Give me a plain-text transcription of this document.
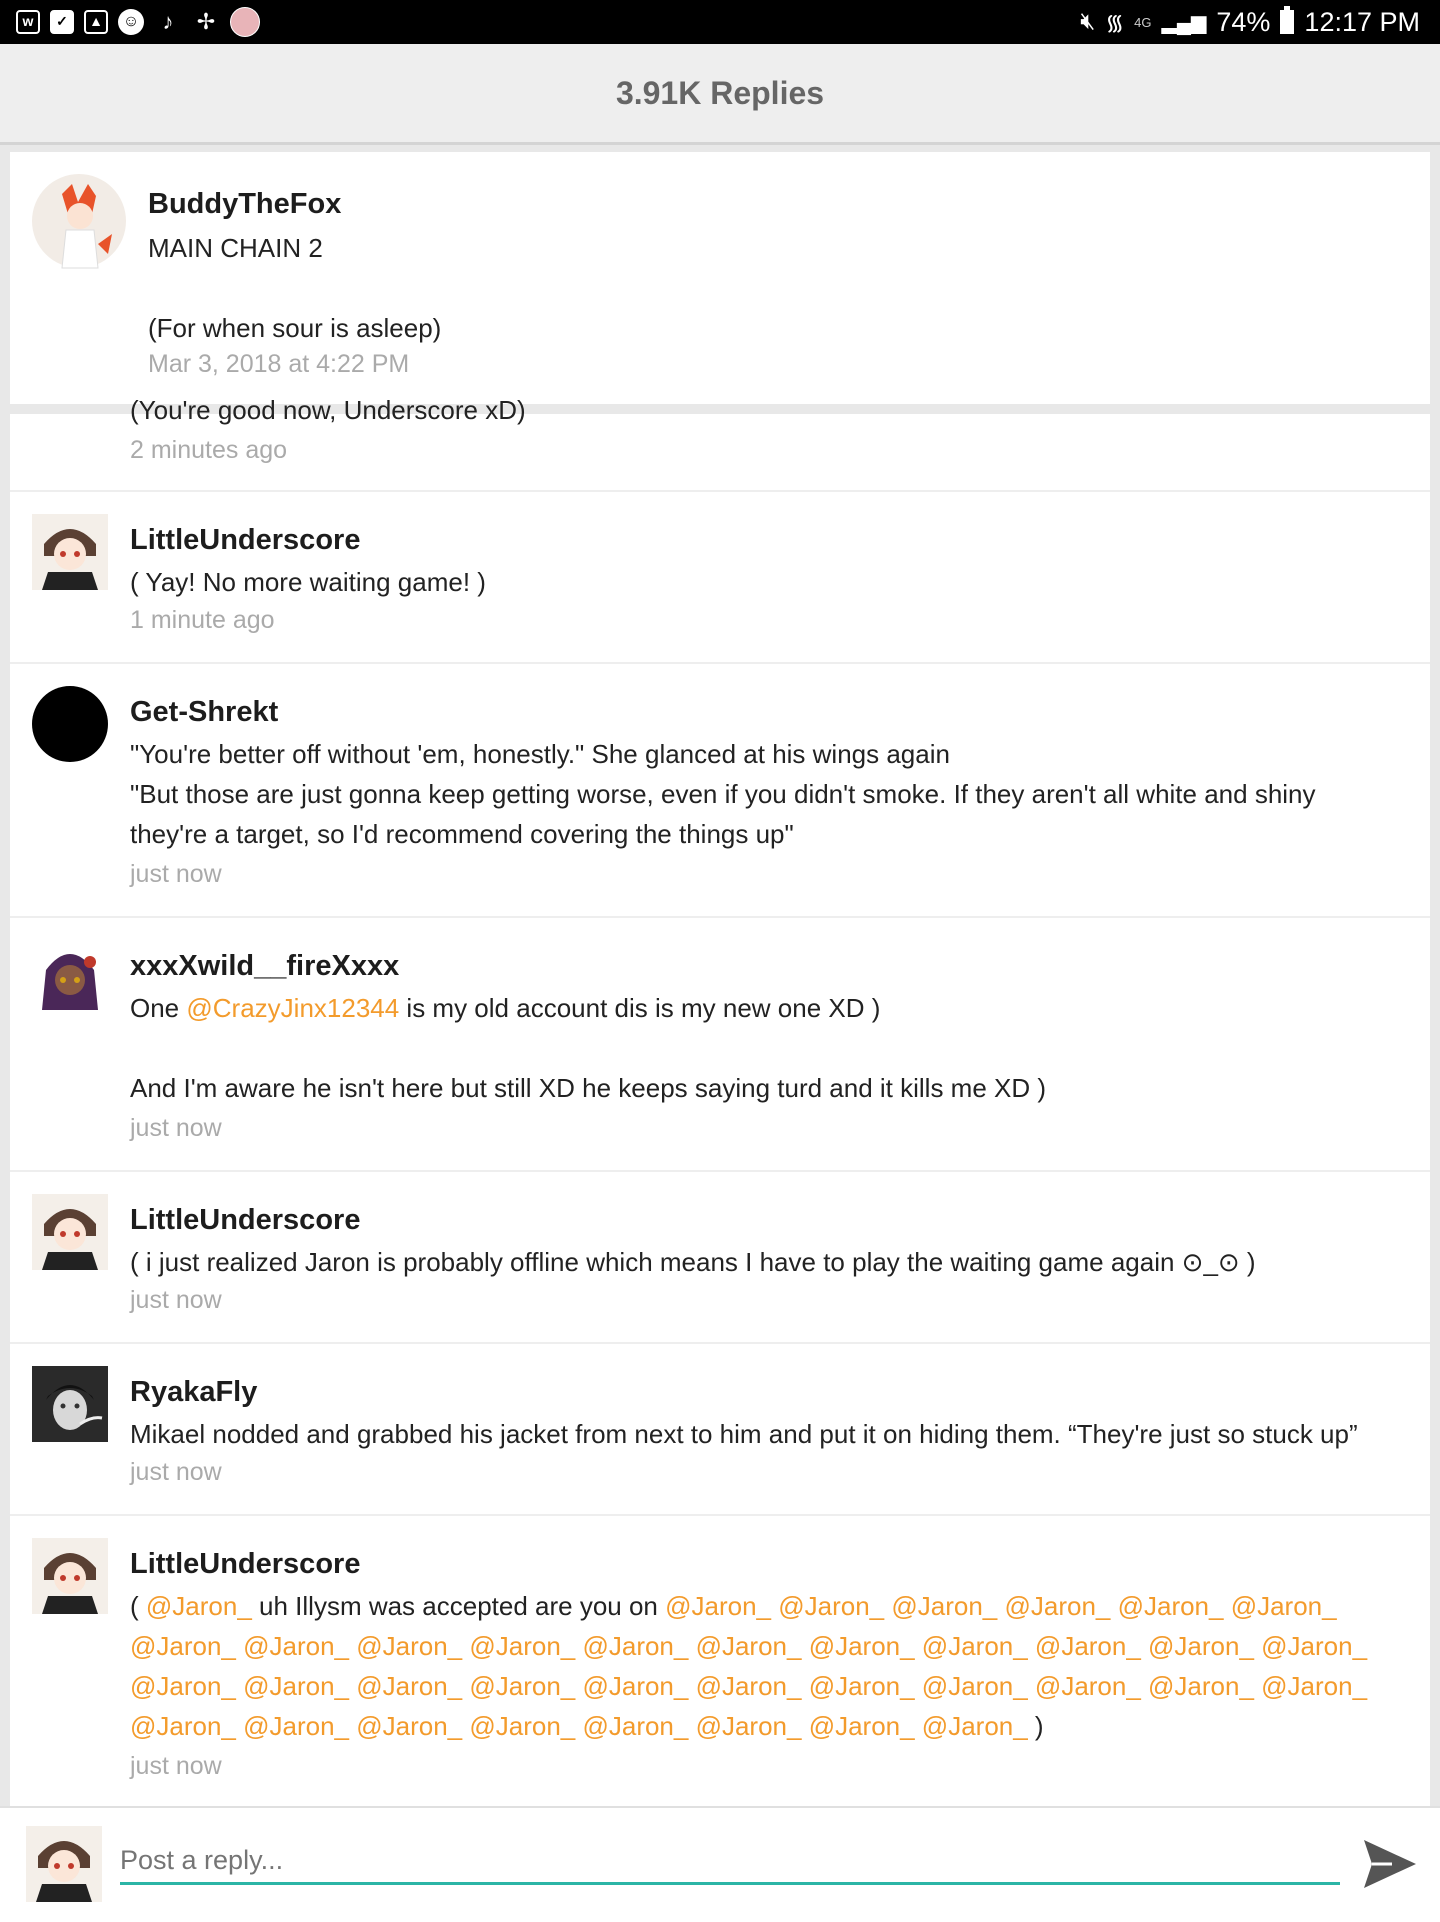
w	✓	▲	☺	♪	✢	🔇︎ ᯾ 4G ▂▄▆ 74% 12:17 PM
3.91K Replies
BuddyTheFox
MAIN CHAIN 2
(For when sour is asleep)
Mar 3, 2018 at 4:22 PM
(You're good now, Underscore xD)
2 minutes ago
LittleUnderscore
( Yay! No more waiting game! )
1 minute ago
Get-Shrekt
"You're better off without 'em, honestly." She glanced at his wings again
"But those are just gonna keep getting worse, even if you didn't smoke. If they aren't all white and shiny
they're a target, so I'd recommend covering the things up"
just now
xxxXwild__fireXxxx
One @CrazyJinx12344 is my old account dis is my new one XD )
And I'm aware he isn't here but still XD he keeps saying turd and it kills me XD )
just now
LittleUnderscore
( i just realized Jaron is probably offline which means I have to play the waiting game again ⊙_⊙ )
just now
RyakaFly
Mikael nodded and grabbed his jacket from next to him and put it on hiding them. “They're just so stuck up”
just now
LittleUnderscore
( @Jaron_ uh Illysm was accepted are you on @Jaron_ @Jaron_ @Jaron_ @Jaron_ @Jaron_ @Jaron_
@Jaron_ @Jaron_ @Jaron_ @Jaron_ @Jaron_ @Jaron_ @Jaron_ @Jaron_ @Jaron_ @Jaron_ @Jaron_
@Jaron_ @Jaron_ @Jaron_ @Jaron_ @Jaron_ @Jaron_ @Jaron_ @Jaron_ @Jaron_ @Jaron_ @Jaron_
@Jaron_ @Jaron_ @Jaron_ @Jaron_ @Jaron_ @Jaron_ @Jaron_ @Jaron_ )
just now
Post a reply...
